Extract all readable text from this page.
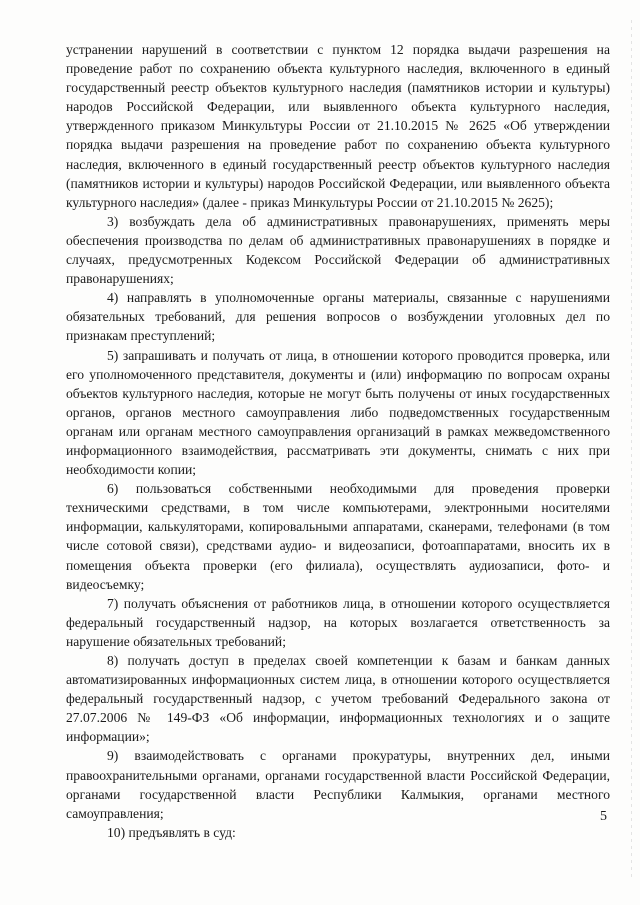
устранении нарушений в соответствии с пунктом 12 порядка выдачи разрешения на проведение работ по сохранению объекта культурного наследия, включенного в единый государственный реестр объектов культурного наследия (памятников истории и культуры) народов Российской Федерации, или выявленного объекта культурного наследия, утвержденного приказом Минкультуры России от 21.10.2015 № 2625 «Об утверждении порядка выдачи разрешения на проведение работ по сохранению объекта культурного наследия, включенного в единый государственный реестр объектов культурного наследия (памятников истории и культуры) народов Российской Федерации, или выявленного объекта культурного наследия» (далее - приказ Минкультуры России от 21.10.2015 № 2625);

3) возбуждать дела об административных правонарушениях, применять меры обеспечения производства по делам об административных правонарушениях в порядке и случаях, предусмотренных Кодексом Российской Федерации об административных правонарушениях;

4) направлять в уполномоченные органы материалы, связанные с нарушениями обязательных требований, для решения вопросов о возбуждении уголовных дел по признакам преступлений;

5) запрашивать и получать от лица, в отношении которого проводится проверка, или его уполномоченного представителя, документы и (или) информацию по вопросам охраны объектов культурного наследия, которые не могут быть получены от иных государственных органов, органов местного самоуправления либо подведомственных государственным органам или органам местного самоуправления организаций в рамках межведомственного информационного взаимодействия, рассматривать эти документы, снимать с них при необходимости копии;

6) пользоваться собственными необходимыми для проведения проверки техническими средствами, в том числе компьютерами, электронными носителями информации, калькуляторами, копировальными аппаратами, сканерами, телефонами (в том числе сотовой связи), средствами аудио- и видеозаписи, фотоаппаратами, вносить их в помещения объекта проверки (его филиала), осуществлять аудиозаписи, фото- и видеосъемку;

7) получать объяснения от работников лица, в отношении которого осуществляется федеральный государственный надзор, на которых возлагается ответственность за нарушение обязательных требований;

8) получать доступ в пределах своей компетенции к базам и банкам данных автоматизированных информационных систем лица, в отношении которого осуществляется федеральный государственный надзор, с учетом требований Федерального закона от 27.07.2006 № 149-ФЗ «Об информации, информационных технологиях и о защите информации»;

9) взаимодействовать с органами прокуратуры, внутренних дел, иными правоохранительными органами, органами государственной власти Российской Федерации, органами государственной власти Республики Калмыкия, органами местного самоуправления;

10) предъявлять в суд:

5
